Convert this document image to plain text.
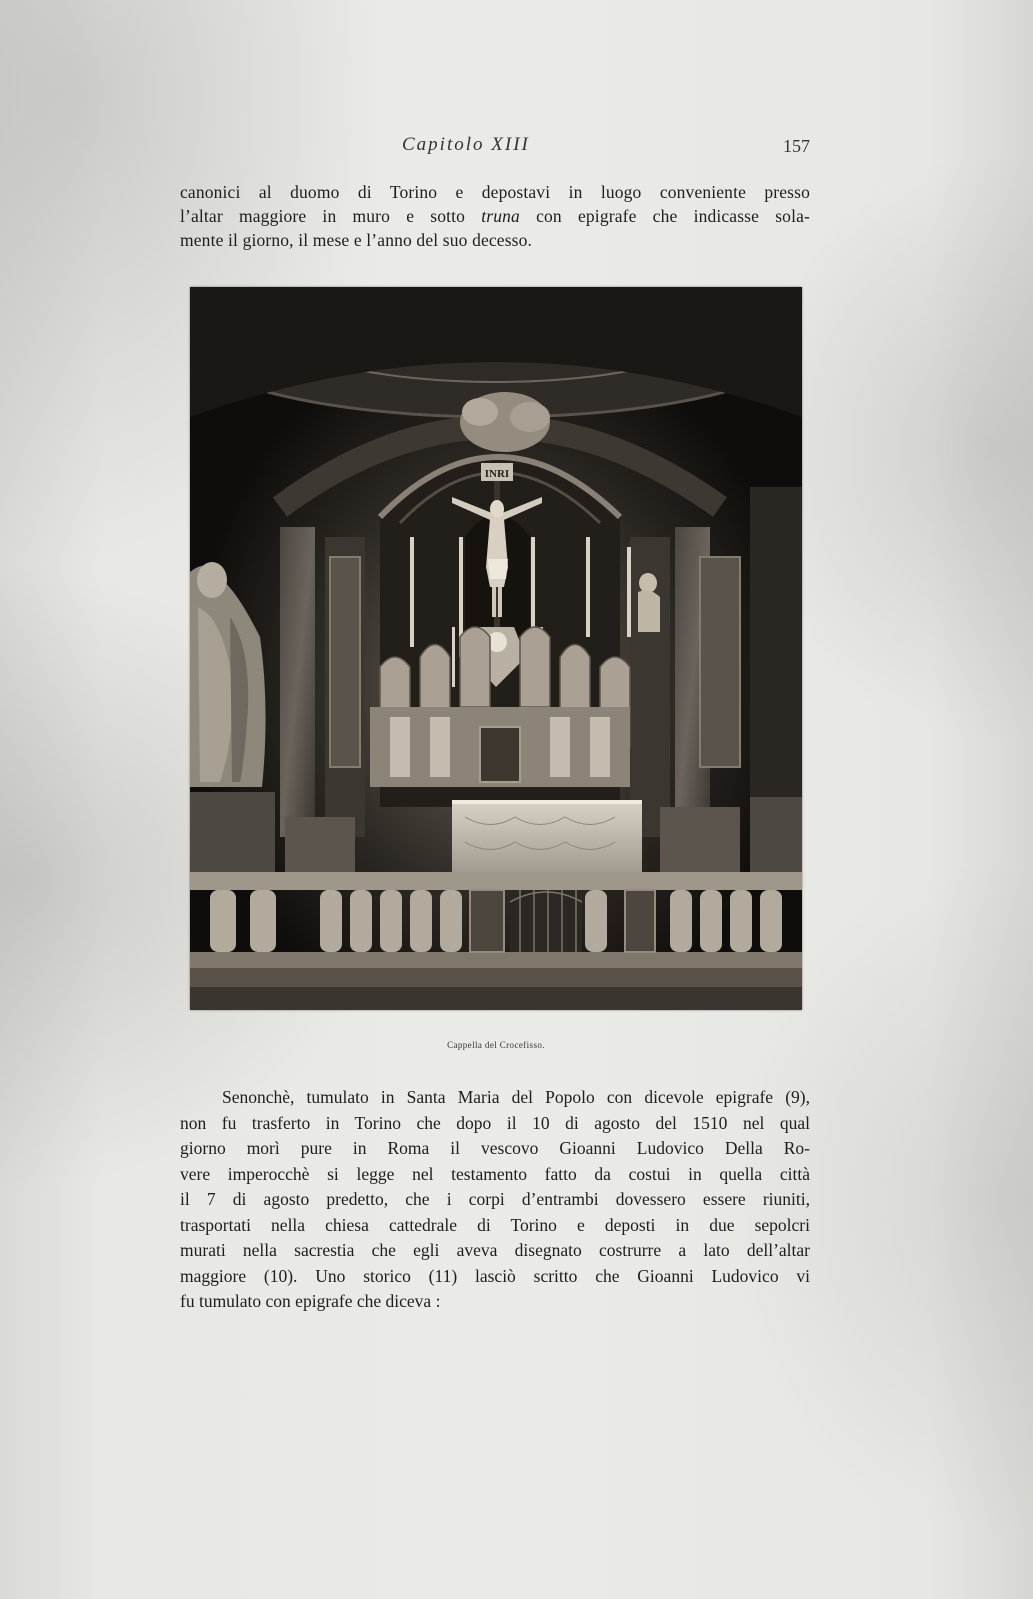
Capitolo XIII	157

canonici al duomo di Torino e depostavi in luogo conveniente presso
l’altar maggiore in muro e sotto truna con epigrafe che indicasse sola-
mente il giorno, il mese e l’anno del suo decesso.

INRI
Cappella del Crocefisso.

Senonchè, tumulato in Santa Maria del Popolo con dicevole epigrafe (9),
non fu trasferto in Torino che dopo il 10 di agosto del 1510 nel qual
giorno morì pure in Roma il vescovo Gioanni Ludovico Della Ro-
vere imperocchè si legge nel testamento fatto da costui in quella città
il 7 di agosto predetto, che i corpi d’entrambi dovessero essere riuniti,
trasportati nella chiesa cattedrale di Torino e deposti in due sepolcri
murati nella sacrestia che egli aveva disegnato costrurre a lato dell’altar
maggiore (10). Uno storico (11) lasciò scritto che Gioanni Ludovico vi
fu tumulato con epigrafe che diceva :
